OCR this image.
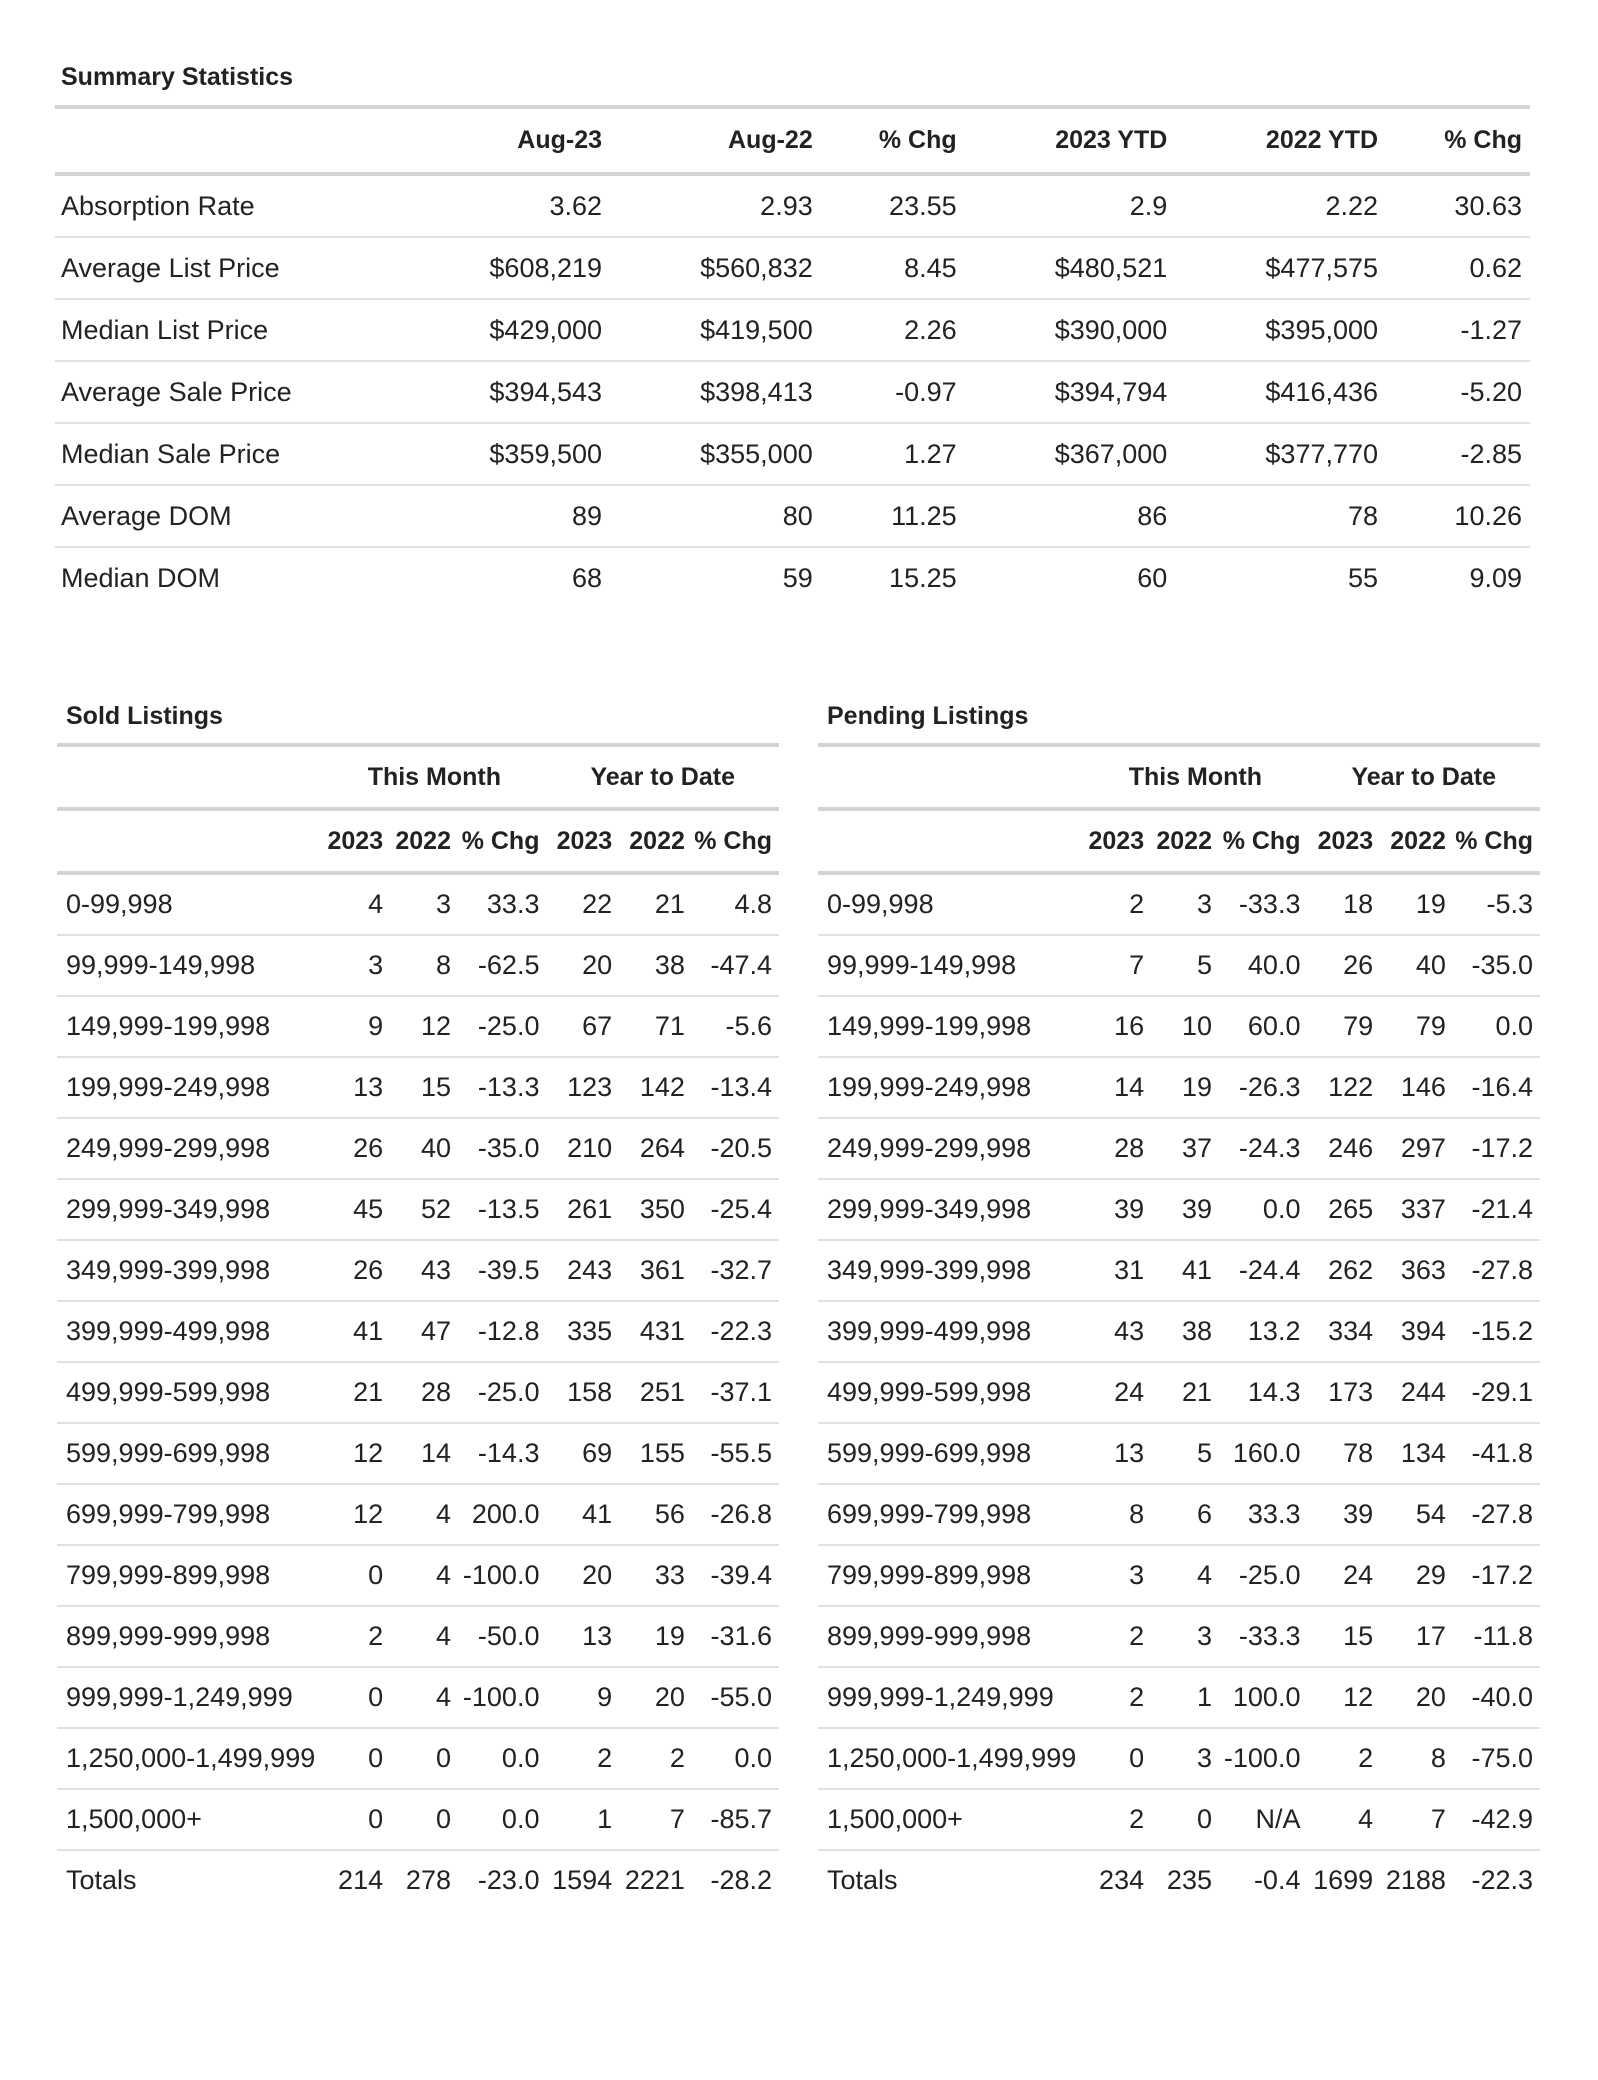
Summary Statistics
	Aug-23	Aug-22	% Chg	2023 YTD	2022 YTD	% Chg
Absorption Rate	3.62	2.93	23.55	2.9	2.22	30.63
Average List Price	$608,219	$560,832	8.45	$480,521	$477,575	0.62
Median List Price	$429,000	$419,500	2.26	$390,000	$395,000	-1.27
Average Sale Price	$394,543	$398,413	-0.97	$394,794	$416,436	-5.20
Median Sale Price	$359,500	$355,000	1.27	$367,000	$377,770	-2.85
Average DOM	89	80	11.25	86	78	10.26
Median DOM	68	59	15.25	60	55	9.09
Sold Listings
	This Month			Year to Date		
	2023	2022	% Chg	2023	2022	% Chg
0-99,998	4	3	33.3	22	21	4.8
99,999-149,998	3	8	-62.5	20	38	-47.4
149,999-199,998	9	12	-25.0	67	71	-5.6
199,999-249,998	13	15	-13.3	123	142	-13.4
249,999-299,998	26	40	-35.0	210	264	-20.5
299,999-349,998	45	52	-13.5	261	350	-25.4
349,999-399,998	26	43	-39.5	243	361	-32.7
399,999-499,998	41	47	-12.8	335	431	-22.3
499,999-599,998	21	28	-25.0	158	251	-37.1
599,999-699,998	12	14	-14.3	69	155	-55.5
699,999-799,998	12	4	200.0	41	56	-26.8
799,999-899,998	0	4	-100.0	20	33	-39.4
899,999-999,998	2	4	-50.0	13	19	-31.6
999,999-1,249,999	0	4	-100.0	9	20	-55.0
1,250,000-1,499,999	0	0	0.0	2	2	0.0
1,500,000+	0	0	0.0	1	7	-85.7
Totals	214	278	-23.0	1594	2221	-28.2
Pending Listings
	This Month			Year to Date		
	2023	2022	% Chg	2023	2022	% Chg
0-99,998	2	3	-33.3	18	19	-5.3
99,999-149,998	7	5	40.0	26	40	-35.0
149,999-199,998	16	10	60.0	79	79	0.0
199,999-249,998	14	19	-26.3	122	146	-16.4
249,999-299,998	28	37	-24.3	246	297	-17.2
299,999-349,998	39	39	0.0	265	337	-21.4
349,999-399,998	31	41	-24.4	262	363	-27.8
399,999-499,998	43	38	13.2	334	394	-15.2
499,999-599,998	24	21	14.3	173	244	-29.1
599,999-699,998	13	5	160.0	78	134	-41.8
699,999-799,998	8	6	33.3	39	54	-27.8
799,999-899,998	3	4	-25.0	24	29	-17.2
899,999-999,998	2	3	-33.3	15	17	-11.8
999,999-1,249,999	2	1	100.0	12	20	-40.0
1,250,000-1,499,999	0	3	-100.0	2	8	-75.0
1,500,000+	2	0	N/A	4	7	-42.9
Totals	234	235	-0.4	1699	2188	-22.3
